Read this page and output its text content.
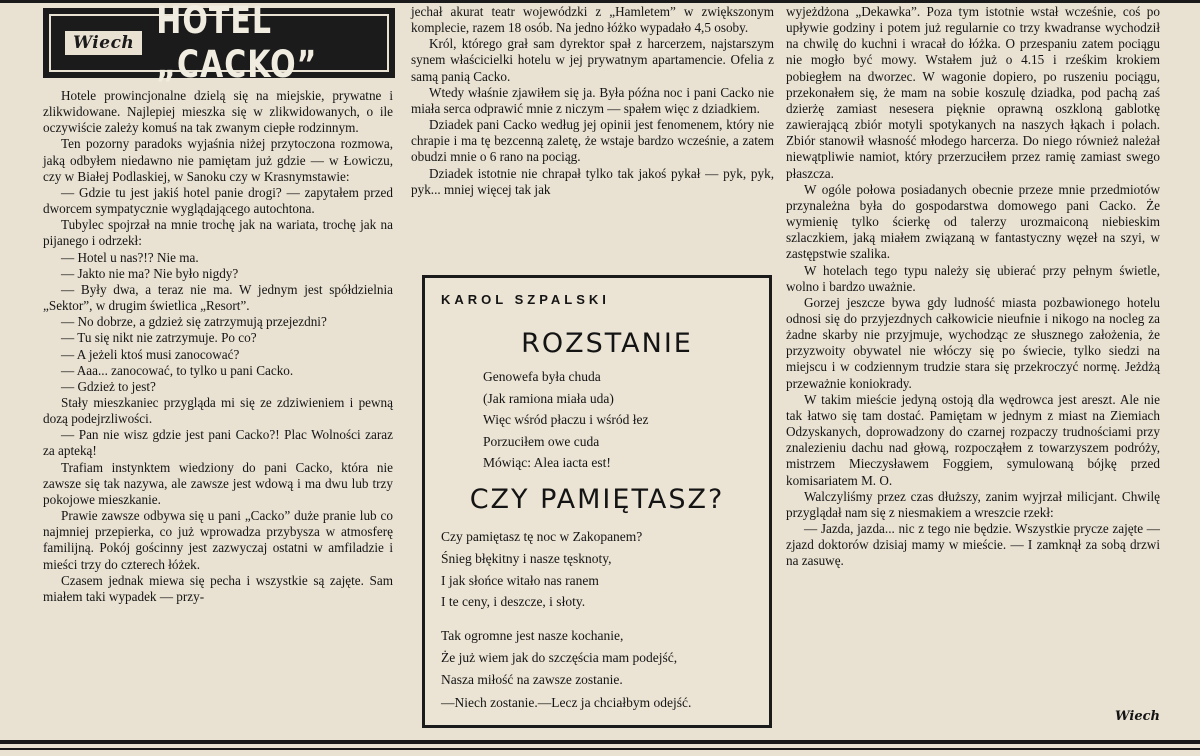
Wiech HOTEL „CACKO”

Hotele prowincjonalne dzielą się na miejskie, prywatne i zlikwidowane. Najlepiej mieszka się w zlikwidowanych, o ile oczywiście zależy komuś na tak zwanym ciepłe rodzinnym.

Ten pozorny paradoks wyjaśnia niżej przytoczona rozmowa, jaką odbyłem niedawno nie pamiętam już gdzie — w Łowiczu, czy w Białej Podlaskiej, w Sanoku czy w Krasnymstawie:

— Gdzie tu jest jakiś hotel panie drogi? — zapytałem przed dworcem sympatycznie wyglądającego autochtona.

Tubylec spojrzał na mnie trochę jak na wariata, trochę jak na pijanego i odrzekł:

— Hotel u nas?!? Nie ma.

— Jakto nie ma? Nie było nigdy?

— Były dwa, a teraz nie ma. W jednym jest spółdzielnia „Sektor”, w drugim świetlica „Resort”.

— No dobrze, a gdzież się zatrzymują przejezdni?

— Tu się nikt nie zatrzymuje. Po co?

— A jeżeli ktoś musi zanocować?

— Aaa... zanocować, to tylko u pani Cacko.

— Gdzież to jest?

Stały mieszkaniec przygląda mi się ze zdziwieniem i pewną dozą podejrzliwości.

— Pan nie wisz gdzie jest pani Cacko?! Plac Wolności zaraz za apteką!

Trafiam instynktem wiedziony do pani Cacko, która nie zawsze się tak nazywa, ale zawsze jest wdową i ma dwu lub trzy pokojowe mieszkanie.

Prawie zawsze odbywa się u pani „Cacko” duże pranie lub co najmniej przepierka, co już wprowadza przybysza w atmosferę familijną. Pokój gościnny jest zazwyczaj ostatni w amfiladzie i mieści trzy do czterech łóżek.

Czasem jednak miewa się pecha i wszystkie są zajęte. Sam miałem taki wypadek — przy-

jechał akurat teatr wojewódzki z „Hamletem” w zwiększonym komplecie, razem 18 osób. Na jedno łóżko wypadało 4,5 osoby.

Król, którego grał sam dyrektor spał z harcerzem, najstarszym synem właścicielki hotelu w jej prywatnym apartamencie. Ofelia z samą panią Cacko.

Wtedy właśnie zjawiłem się ja. Była późna noc i pani Cacko nie miała serca odprawić mnie z niczym — spałem więc z dziadkiem.

Dziadek pani Cacko według jej opinii jest fenomenem, który nie chrapie i ma tę bezcenną zaletę, że wstaje bardzo wcześnie, a zatem obudzi mnie o 6 rano na pociąg.

Dziadek istotnie nie chrapał tylko tak jakoś pykał — pyk, pyk, pyk... mniej więcej tak jak

KAROL SZPALSKI
ROZSTANIE
Genowefa była chuda
(Jak ramiona miała uda)
Więc wśród płaczu i wśród łez
Porzuciłem owe cuda
Mówiąc: Alea iacta est!
CZY PAMIĘTASZ?
Czy pamiętasz tę noc w Zakopanem?
Śnieg błękitny i nasze tęsknoty,
I jak słońce witało nas ranem
I te ceny, i deszcze, i słoty.
Tak ogromne jest nasze kochanie,
Że już wiem jak do szczęścia mam podejść,
Nasza miłość na zawsze zostanie.
—Niech zostanie.—Lecz ja chciałbym odejść.

wyjeżdżona „Dekawka”. Poza tym istotnie wstał wcześnie, coś po upływie godziny i potem już regularnie co trzy kwadranse wychodził na chwilę do kuchni i wracał do łóżka. O przespaniu zatem pociągu nie mogło być mowy. Wstałem już o 4.15 i rześkim krokiem pobiegłem na dworzec. W wagonie dopiero, po ruszeniu pociągu, przekonałem się, że mam na sobie koszulę dziadka, pod pachą zaś dzierżę zamiast nesesera pięknie oprawną oszkloną gablotkę zawierającą zbiór motyli spotykanych na naszych łąkach i polach. Zbiór stanowił własność młodego harcerza. Do niego również należał niewątpliwie namiot, który przerzuciłem przez ramię zamiast swego płaszcza.

W ogóle połowa posiadanych obecnie przeze mnie przedmiotów przynależna była do gospodarstwa domowego pani Cacko. Że wymienię tylko ścierkę od talerzy urozmaiconą niebieskim szlaczkiem, jaką miałem związaną w fantastyczny węzeł na szyi, w zastępstwie szalika.

W hotelach tego typu należy się ubierać przy pełnym świetle, wolno i bardzo uważnie.

Gorzej jeszcze bywa gdy ludność miasta pozbawionego hotelu odnosi się do przyjezdnych całkowicie nieufnie i nikogo na nocleg za żadne skarby nie przyjmuje, wychodząc ze słusznego założenia, że przyzwoity obywatel nie włóczy się po świecie, tylko siedzi na miejscu i w codziennym trudzie stara się przekroczyć normę. Jeżdżą przeważnie koniokrady.

W takim mieście jedyną ostoją dla wędrowca jest areszt. Ale nie tak łatwo się tam dostać. Pamiętam w jednym z miast na Ziemiach Odzyskanych, doprowadzony do czarnej rozpaczy trudnościami przy znalezieniu dachu nad głową, rozpocząłem z towarzyszem podróży, mistrzem Mieczysławem Foggiem, symulowaną bójkę przed komisariatem M. O.

Walczyliśmy przez czas dłuższy, zanim wyjrzał milicjant. Chwilę przyglądał nam się z niesmakiem a wreszcie rzekł:

— Jazda, jazda... nic z tego nie będzie. Wszystkie prycze zajęte — zjazd doktorów dzisiaj mamy w mieście. — I zamknął za sobą drzwi na zasuwę.

Wiech
